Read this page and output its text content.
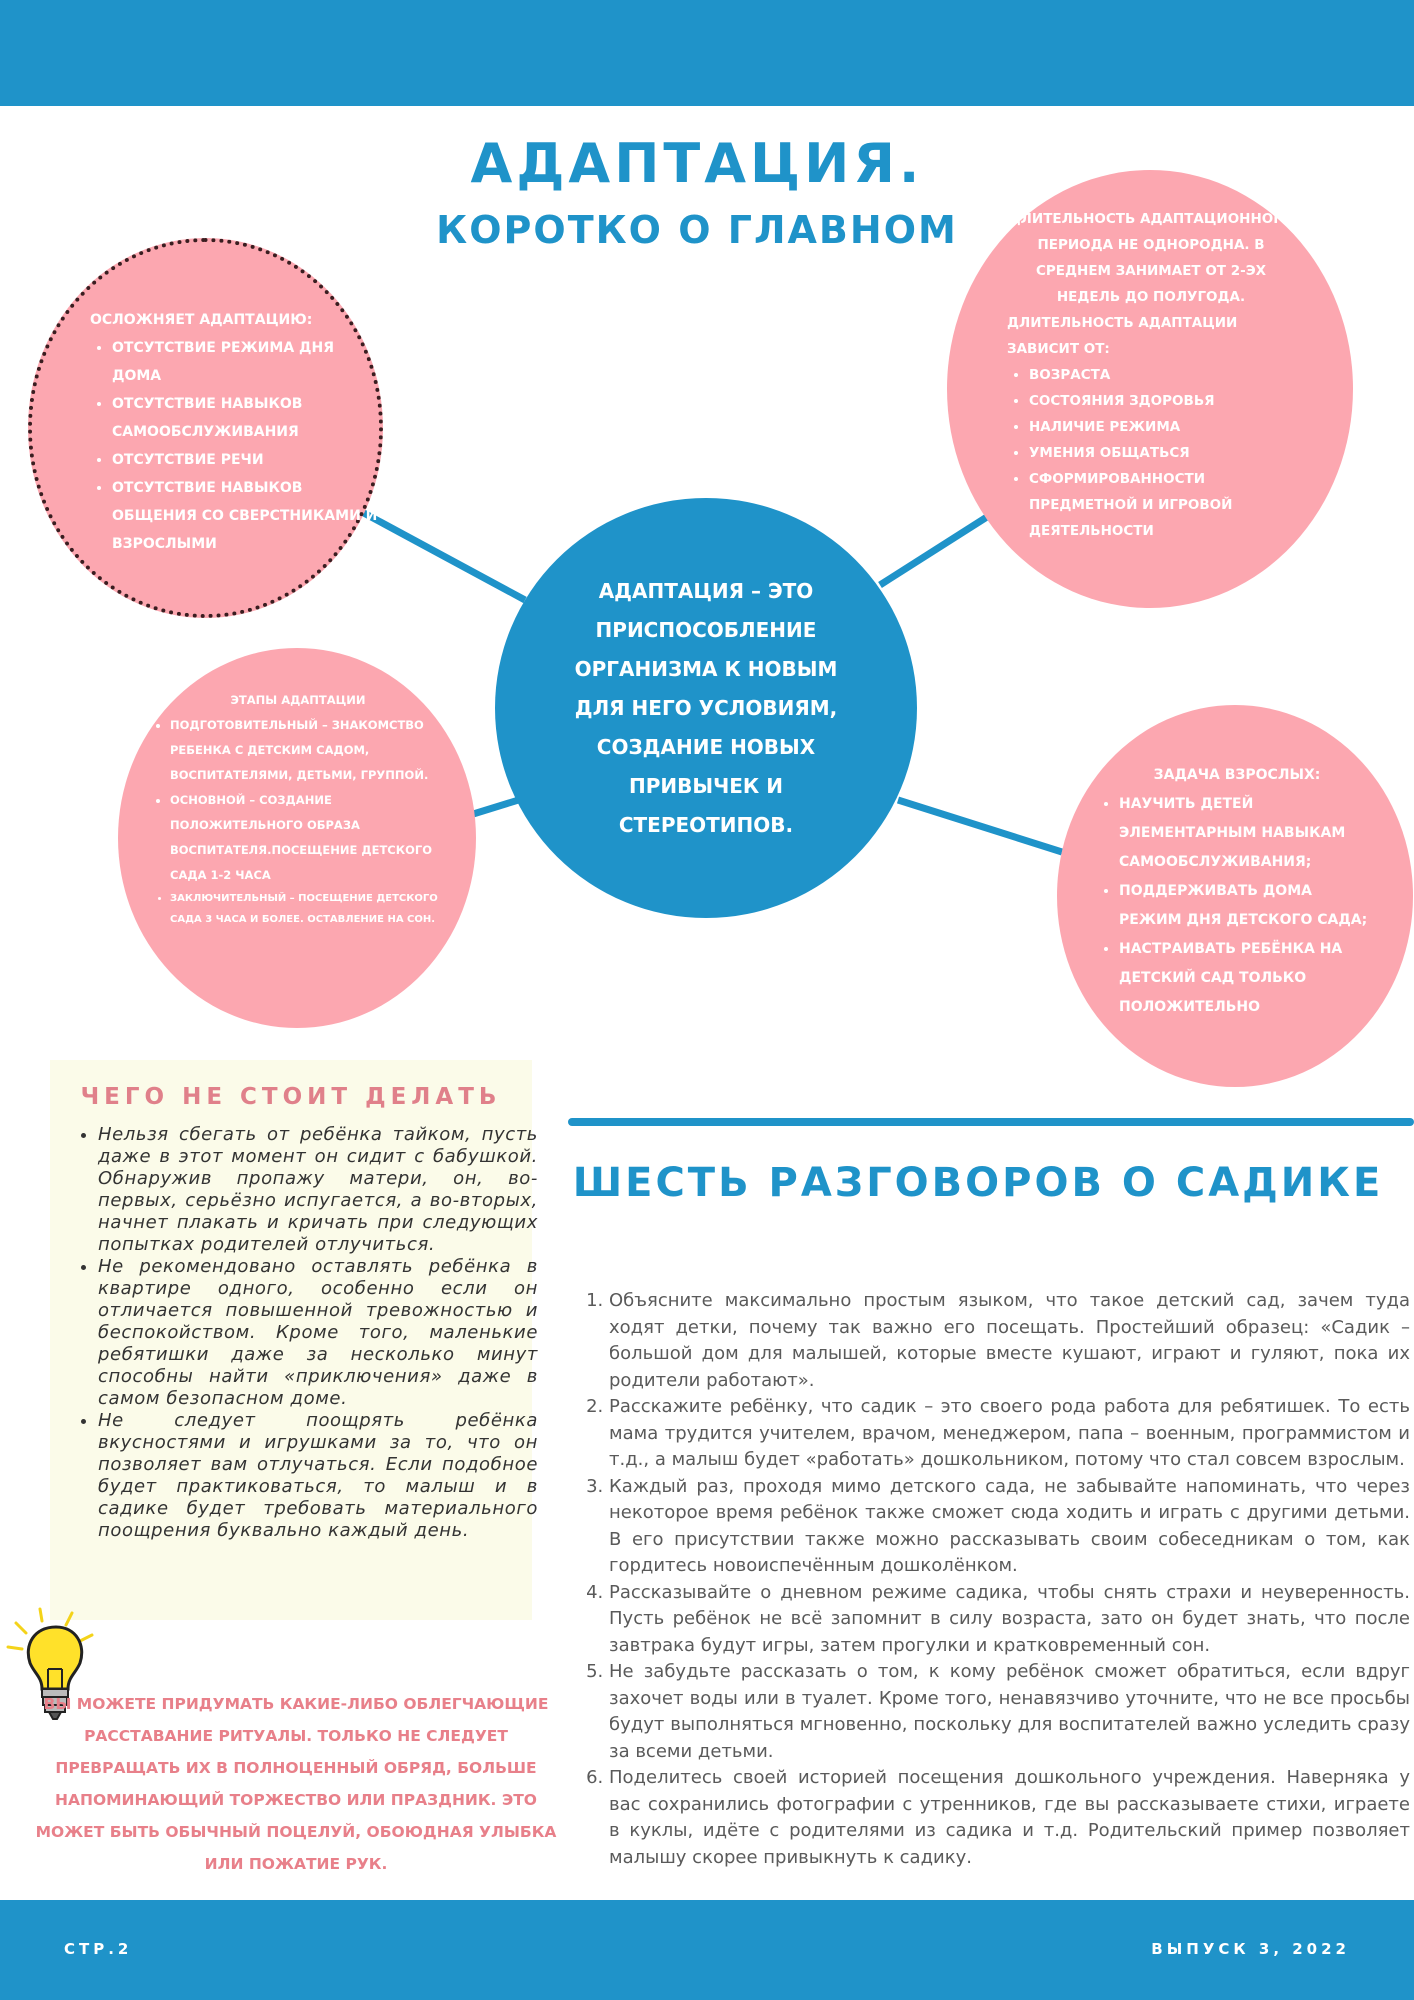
АДАПТАЦИЯ.
КОРОТКО О ГЛАВНОМ
ОСЛОЖНЯЕТ АДАПТАЦИЮ:
• ОТСУТСТВИЕ РЕЖИМА ДНЯ ДОМА
• ОТСУТСТВИЕ НАВЫКОВ САМООБСЛУЖИВАНИЯ
• ОТСУТСТВИЕ РЕЧИ
• ОТСУТСТВИЕ НАВЫКОВ ОБЩЕНИЯ СО СВЕРСТНИКАМИ И ВЗРОСЛЫМИ
ДЛИТЕЛЬНОСТЬ АДАПТАЦИОННОГО ПЕРИОДА НЕ ОДНОРОДНА. В СРЕДНЕМ ЗАНИМАЕТ ОТ 2-ЭХ НЕДЕЛЬ ДО ПОЛУГОДА.
ДЛИТЕЛЬНОСТЬ АДАПТАЦИИ ЗАВИСИТ ОТ:
• ВОЗРАСТА
• СОСТОЯНИЯ ЗДОРОВЬЯ
• НАЛИЧИЕ РЕЖИМА
• УМЕНИЯ ОБЩАТЬСЯ
• СФОРМИРОВАННОСТИ ПРЕДМЕТНОЙ И ИГРОВОЙ ДЕЯТЕЛЬНОСТИ
АДАПТАЦИЯ – ЭТО ПРИСПОСОБЛЕНИЕ ОРГАНИЗМА К НОВЫМ ДЛЯ НЕГО УСЛОВИЯМ, СОЗДАНИЕ НОВЫХ ПРИВЫЧЕК И СТЕРЕОТИПОВ.
ЭТАПЫ АДАПТАЦИИ
• ПОДГОТОВИТЕЛЬНЫЙ – ЗНАКОМСТВО РЕБЕНКА С ДЕТСКИМ САДОМ, ВОСПИТАТЕЛЯМИ, ДЕТЬМИ, ГРУППОЙ.
• ОСНОВНОЙ – СОЗДАНИЕ ПОЛОЖИТЕЛЬНОГО ОБРАЗА ВОСПИТАТЕЛЯ.ПОСЕЩЕНИЕ ДЕТСКОГО САДА 1-2 ЧАСА
• ЗАКЛЮЧИТЕЛЬНЫЙ – ПОСЕЩЕНИЕ ДЕТСКОГО САДА 3 ЧАСА И БОЛЕЕ. ОСТАВЛЕНИЕ НА СОН.
ЗАДАЧА ВЗРОСЛЫХ:
• НАУЧИТЬ ДЕТЕЙ ЭЛЕМЕНТАРНЫМ НАВЫКАМ САМООБСЛУЖИВАНИЯ;
• ПОДДЕРЖИВАТЬ ДОМА РЕЖИМ ДНЯ ДЕТСКОГО САДА;
• НАСТРАИВАТЬ РЕБЁНКА НА ДЕТСКИЙ САД ТОЛЬКО ПОЛОЖИТЕЛЬНО
ЧЕГО НЕ СТОИТ ДЕЛАТЬ
• Нельзя сбегать от ребёнка тайком, пусть даже в этот момент он сидит с бабушкой. Обнаружив пропажу матери, он, во-первых, серьёзно испугается, а во-вторых, начнет плакать и кричать при следующих попытках родителей отлучиться.
• Не рекомендовано оставлять ребёнка в квартире одного, особенно если он отличается повышенной тревожностью и беспокойством. Кроме того, маленькие ребятишки даже за несколько минут способны найти «приключения» даже в самом безопасном доме.
• Не следует поощрять ребёнка вкусностями и игрушками за то, что он позволяет вам отлучаться. Если подобное будет практиковаться, то малыш и в садике будет требовать материального поощрения буквально каждый день.
ВЫ МОЖЕТЕ ПРИДУМАТЬ КАКИЕ-ЛИБО ОБЛЕГЧАЮЩИЕ РАССТАВАНИЕ РИТУАЛЫ. ТОЛЬКО НЕ СЛЕДУЕТ ПРЕВРАЩАТЬ ИХ В ПОЛНОЦЕННЫЙ ОБРЯД, БОЛЬШЕ НАПОМИНАЮЩИЙ ТОРЖЕСТВО ИЛИ ПРАЗДНИК. ЭТО МОЖЕТ БЫТЬ ОБЫЧНЫЙ ПОЦЕЛУЙ, ОБОЮДНАЯ УЛЫБКА ИЛИ ПОЖАТИЕ РУК.
ШЕСТЬ РАЗГОВОРОВ О САДИКЕ
1. Объясните максимально простым языком, что такое детский сад, зачем туда ходят детки, почему так важно его посещать. Простейший образец: «Садик – большой дом для малышей, которые вместе кушают, играют и гуляют, пока их родители работают».
2. Расскажите ребёнку, что садик – это своего рода работа для ребятишек. То есть мама трудится учителем, врачом, менеджером, папа – военным, программистом и т.д., а малыш будет «работать» дошкольником, потому что стал совсем взрослым.
3. Каждый раз, проходя мимо детского сада, не забывайте напоминать, что через некоторое время ребёнок также сможет сюда ходить и играть с другими детьми. В его присутствии также можно рассказывать своим собеседникам о том, как гордитесь новоиспечённым дошколёнком.
4. Рассказывайте о дневном режиме садика, чтобы снять страхи и неуверенность. Пусть ребёнок не всё запомнит в силу возраста, зато он будет знать, что после завтрака будут игры, затем прогулки и кратковременный сон.
5. Не забудьте рассказать о том, к кому ребёнок сможет обратиться, если вдруг захочет воды или в туалет. Кроме того, ненавязчиво уточните, что не все просьбы будут выполняться мгновенно, поскольку для воспитателей важно уследить сразу за всеми детьми.
6. Поделитесь своей историей посещения дошкольного учреждения. Наверняка у вас сохранились фотографии с утренников, где вы рассказываете стихи, играете в куклы, идёте с родителями из садика и т.д. Родительский пример позволяет малышу скорее привыкнуть к садику.
СТР.2	ВЫПУСК 3, 2022
